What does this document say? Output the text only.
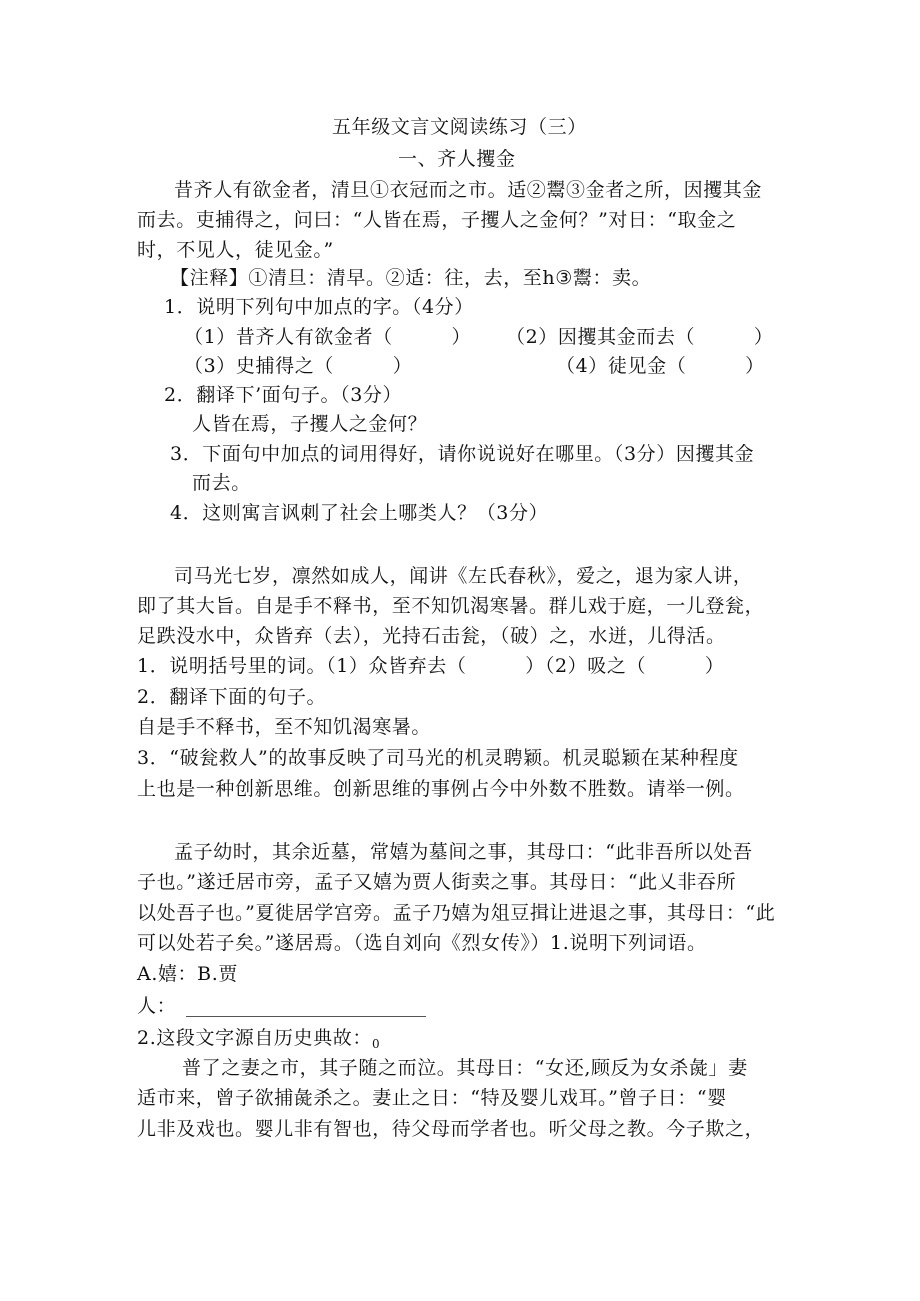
五年级文言文阅读练习（三）
一、齐人攫金
昔齐人有欲金者，清旦①衣冠而之市。适②鬻③金者之所，因攫其金
而去。吏捕得之，问曰：“人皆在焉，子攫人之金何？”对日：“取金之
时，不见人，徒见金。”
【注释】①清旦：清早。②适：往，去，至h③鬻：卖。
1．说明下列句中加点的字。（4分）
（1）昔齐人有欲金者（　　　） （2）因攫其金而去（　　　）
（3）史捕得之（　　　）	（4）徒见金（　　　）
2．翻译下’面句子。（3分）
人皆在焉，子攫人之金何？
3．下面句中加点的词用得好，请你说说好在哪里。（3分）因攫其金
而去。
4．这则寓言讽刺了社会上哪类人？（3分）
司马光七岁，凛然如成人，闻讲《左氏春秋》，爱之，退为家人讲，
即了其大旨。自是手不释书，至不知饥渴寒暑。群儿戏于庭，一儿登瓮，
足跌没水中，众皆弃（去），光持石击瓮，（破）之，水迸，儿得活。
1．说明括号里的词。（1）众皆弃去（　　　）（2）吸之（　　　）
2．翻译下面的句子。
自是手不释书，至不知饥渴寒暑。
3．“破瓮救人”的故事反映了司马光的机灵聘颖。机灵聪颖在某种程度
上也是一种创新思维。创新思维的事例占今中外数不胜数。请举一例。
孟子幼时，其余近墓，常嬉为墓间之事，其母口：“此非吾所以处吾
子也。”遂迁居市旁，孟子又嬉为贾人街卖之事。其母日：“此乂非吞所
以处吾子也。”夏徙居学宫旁。孟子乃嬉为俎豆揖让进退之事，其母日：“此
可以处若子矣。”遂居焉。（选自刘向《烈女传》）1.说明下列词语。
A.嬉：B.贾
人：
2.这段文字源自历史典故：$_0$
普了之妻之市，其子随之而泣。其母日：“女还,顾反为女杀彘」妻
适市来，曾子欲捕彘杀之。妻止之日：“特及婴儿戏耳。”曾子日：“婴
儿非及戏也。婴儿非有智也，待父母而学者也。听父母之教。今子欺之，
